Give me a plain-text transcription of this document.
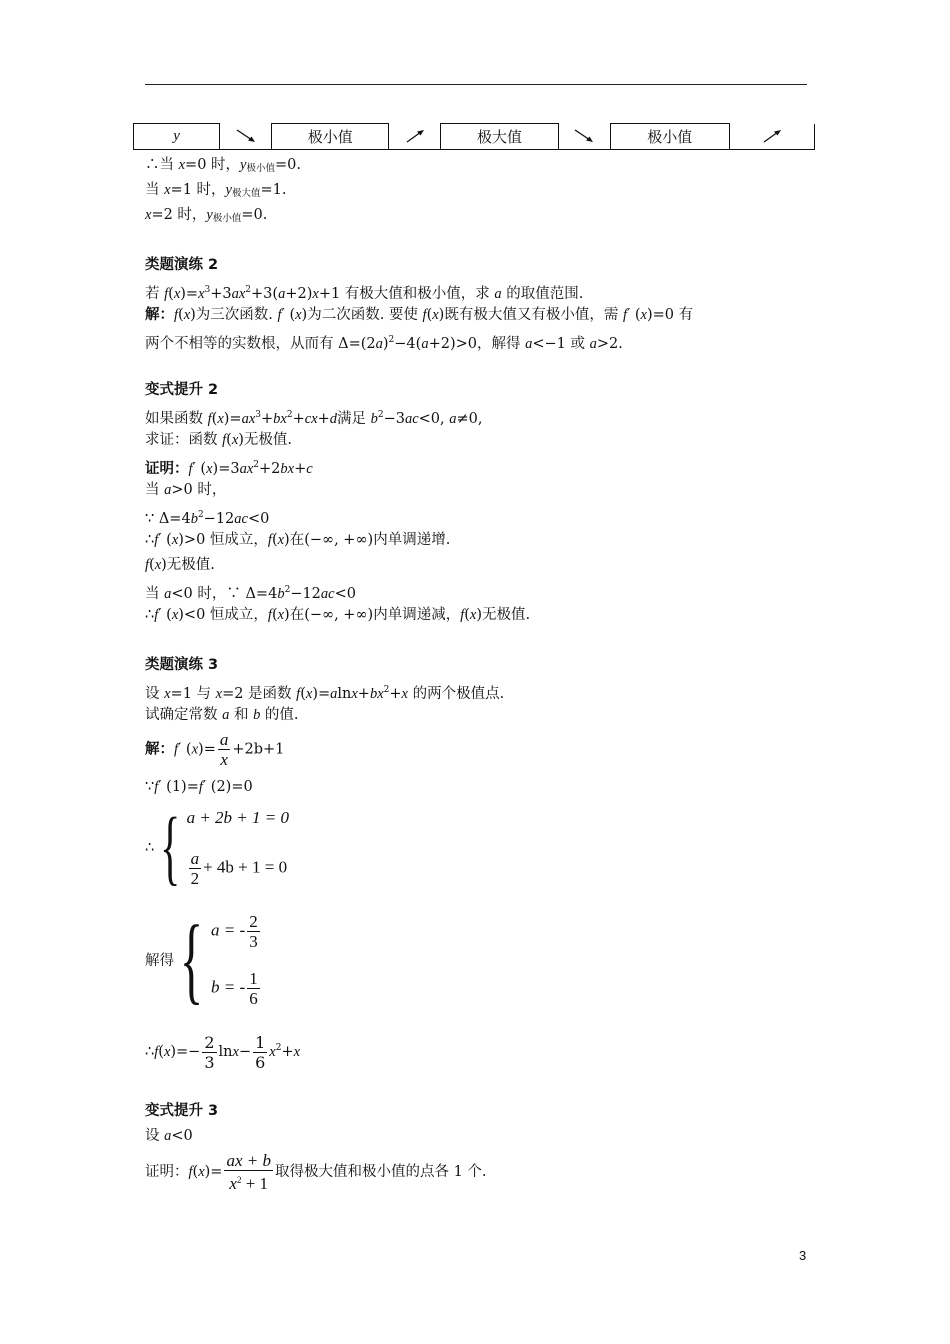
y		极小值		极大值		极小值	
∴当 x=0 时，$y_{极小值}=0$.
当 x=1 时，$y_{极大值}=1$.
x=2 时，$y_{极小值}=0$.
类题演练 2
若 $f(x)=x^3+3ax^2+3(a+2)x+1$ 有极大值和极小值，求 a 的取值范围.
解：f(x)为三次函数. f′ (x)为二次函数. 要使 f(x)既有极大值又有极小值，需 f′ (x)=0 有
两个不相等的实数根，从而有 $\Delta=(2a)^2-4(a+2)>0$，解得 a<−1 或 a>2.
变式提升 2
如果函数 $f(x)=ax^3+bx^2+cx+d$满足 $b^2-3ac<0$, a≠0,
求证：函数 f(x)无极值.
证明：f′ $(x)=3ax^2+2bx+c$
当 a>0 时，
∵ $\Delta=4b^2-12ac<0$
∴f′ (x)>0 恒成立，f(x)在(−∞, +∞)内单调递增.
f(x)无极值.
当 a<0 时，∵ $\Delta=4b^2-12ac<0$
∴f′ (x)<0 恒成立，f(x)在(−∞, +∞)内单调递减，f(x)无极值.
类题演练 3
设 x=1 与 x=2 是函数 $f(x)=alnx+bx^2+x$ 的两个极值点.
试确定常数 a 和 b 的值.
解：f′ $(x)= \frac{a}{x} +2b+1$
∵f′ (1)=f′ (2)=0
∴ { a + 2b + 1 = 0
$\frac{a}{2} + 4b + 1 = 0$
解得 { a = - $\frac{2}{3}$
b = - $\frac{1}{6}$
∴f(x)=− $\frac{2}{3} \ln x- \frac{1}{6} x^2+x$
变式提升 3
设 a<0
证明：$f(x)= \frac{ax + b}{x^2 + 1}$ 取得极大值和极小值的点各 1 个.
3
